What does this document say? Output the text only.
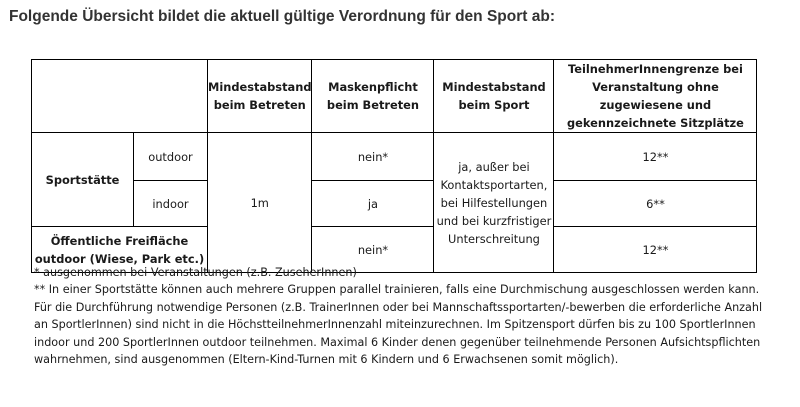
Folgende Übersicht bildet die aktuell gültige Verordnung für den Sport ab:
		Mindestabstand beim Betreten	Maskenpflicht beim Betreten	Mindestabstand beim Sport	TeilnehmerInnengrenze bei Veranstaltung ohne zugewiesene und gekennzeichnete Sitzplätze
Sportstätte	outdoor	1m	nein*	ja, außer bei Kontaktsportarten, bei Hilfestellungen und bei kurzfristiger Unterschreitung	12**
	indoor		ja		6**
Öffentliche Freifläche outdoor (Wiese, Park etc.)			nein*		12**

* ausgenommen bei Veranstaltungen (z.B. ZuseherInnen)

** In einer Sportstätte können auch mehrere Gruppen parallel trainieren, falls eine Durchmischung ausgeschlossen werden kann. Für die Durchführung notwendige Personen (z.B. TrainerInnen oder bei Mannschaftssportarten/-bewerben die erforderliche Anzahl an SportlerInnen) sind nicht in die HöchstteilnehmerInnenzahl miteinzurechnen. Im Spitzensport dürfen bis zu 100 SportlerInnen indoor und 200 SportlerInnen outdoor teilnehmen. Maximal 6 Kinder denen gegenüber teilnehmende Personen Aufsichtspflichten wahrnehmen, sind ausgenommen (Eltern-Kind-Turnen mit 6 Kindern und 6 Erwachsenen somit möglich).
